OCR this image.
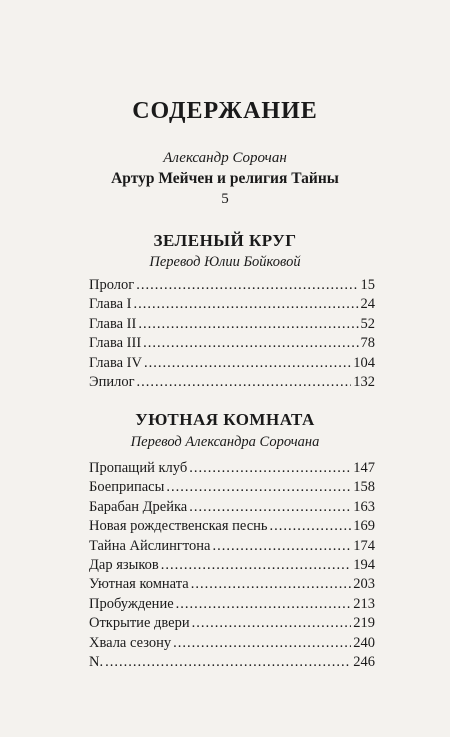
СОДЕРЖАНИЕ
Александр Сорочан
Артур Мейчен и религия Тайны
5
ЗЕЛЕНЫЙ КРУГ
Перевод Юлии Бойковой
Пролог .....	15
Глава I .....	24
Глава II .....	52
Глава III .....	78
Глава IV .....	104
Эпилог .....	132
УЮТНАЯ КОМНАТА
Перевод Александра Сорочана
Пропащий клуб .....	147
Боеприпасы .....	158
Барабан Дрейка .....	163
Новая рождественская песнь .....	169
Тайна Айслингтона .....	174
Дар языков .....	194
Уютная комната .....	203
Пробуждение .....	213
Открытие двери .....	219
Хвала сезону .....	240
N. .....	246
